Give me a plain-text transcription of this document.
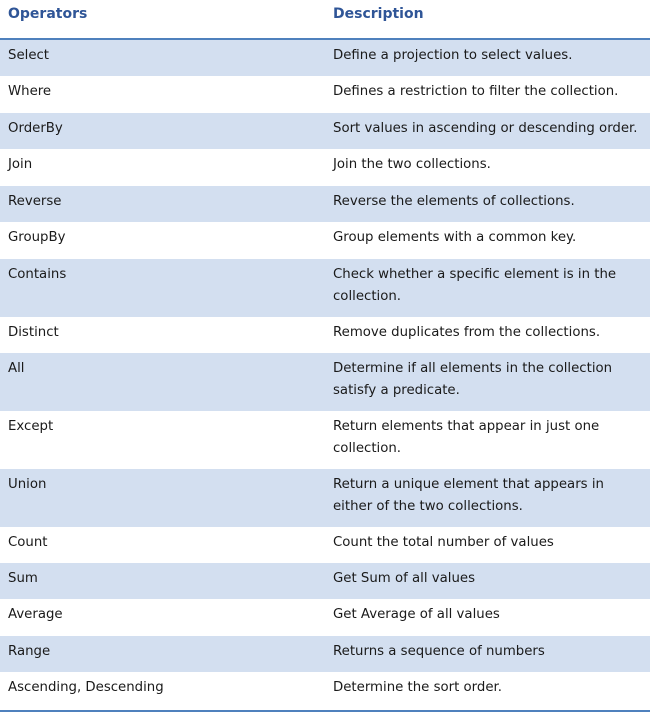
Operators	Description
Select	Define a projection to select values.
Where	Defines a restriction to filter the collection.
OrderBy	Sort values in ascending or descending order.
Join	Join the two collections.
Reverse	Reverse the elements of collections.
GroupBy	Group elements with a common key.
Contains	Check whether a specific element is in the collection.
Distinct	Remove duplicates from the collections.
All	Determine if all elements in the collection satisfy a predicate.
Except	Return elements that appear in just one collection.
Union	Return a unique element that appears in either of the two collections.
Count	Count the total number of values
Sum	Get Sum of all values
Average	Get Average of all values
Range	Returns a sequence of numbers
Ascending, Descending	Determine the sort order.
